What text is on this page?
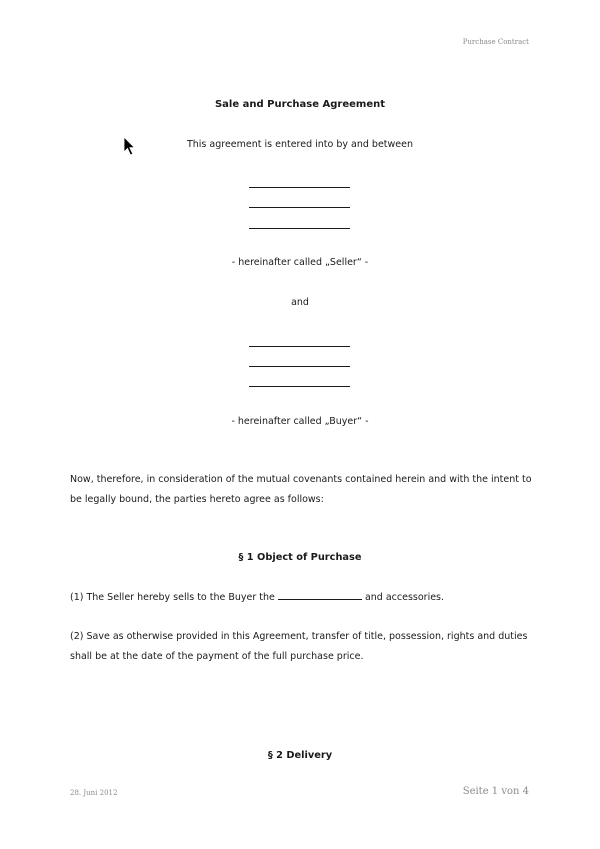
Purchase Contract
Sale and Purchase Agreement
This agreement is entered into by and between
- hereinafter called „Seller“ -
and
- hereinafter called „Buyer“ -
Now, therefore, in consideration of the mutual covenants contained herein and with the intent to be legally bound, the parties hereto agree as follows:
§ 1 Object of Purchase
(1) The Seller hereby sells to the Buyer the	and accessories.
(2) Save as otherwise provided in this Agreement, transfer of title, possession, rights and duties shall be at the date of the payment of the full purchase price.
§ 2 Delivery
28. Juni 2012	Seite 1 von 4
